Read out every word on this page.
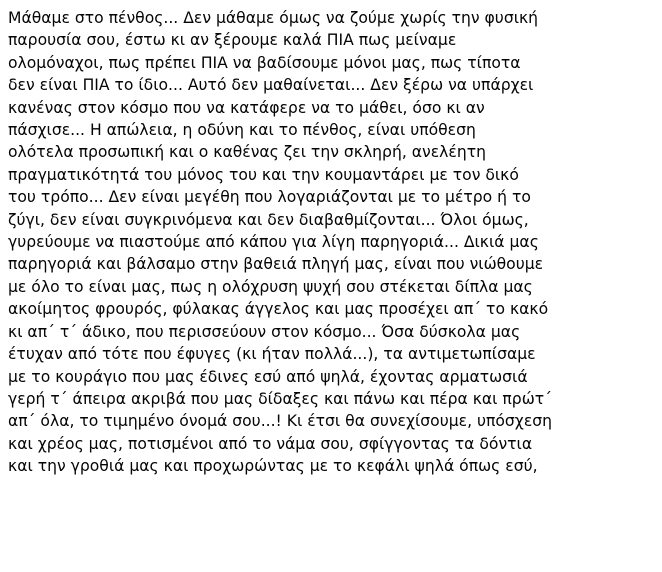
Μάθαμε στο πένθος... Δεν μάθαμε όμως να ζούμε χωρίς την φυσική
παρουσία σου, έστω κι αν ξέρουμε καλά ΠΙΑ πως μείναμε
ολομόναχοι, πως πρέπει ΠΙΑ να βαδίσουμε μόνοι μας, πως τίποτα
δεν είναι ΠΙΑ το ίδιο... Αυτό δεν μαθαίνεται... Δεν ξέρω να υπάρχει
κανένας στον κόσμο που να κατάφερε να το μάθει, όσο κι αν
πάσχισε... Η απώλεια, η οδύνη και το πένθος, είναι υπόθεση
ολότελα προσωπική και ο καθένας ζει την σκληρή, ανελέητη
πραγματικότητά του μόνος του και την κουμαντάρει με τον δικό
του τρόπο... Δεν είναι μεγέθη που λογαριάζονται με το μέτρο ή το
ζύγι, δεν είναι συγκρινόμενα και δεν διαβαθμίζονται... Όλοι όμως,
γυρεύουμε να πιαστούμε από κάπου για λίγη παρηγοριά... Δικιά μας
παρηγοριά και βάλσαμο στην βαθειά πληγή μας, είναι που νιώθουμε
με όλο το είναι μας, πως η ολόχρυση ψυχή σου στέκεται δίπλα μας
ακοίμητος φρουρός, φύλακας άγγελος και μας προσέχει απ΄ το κακό
κι απ΄ τ΄ άδικο, που περισσεύουν στον κόσμο... Όσα δύσκολα μας
έτυχαν από τότε που έφυγες (κι ήταν πολλά...), τα αντιμετωπίσαμε
με το κουράγιο που μας έδινες εσύ από ψηλά, έχοντας αρματωσιά
γερή τ΄ άπειρα ακριβά που μας δίδαξες και πάνω και πέρα και πρώτ΄
απ΄ όλα, το τιμημένο όνομά σου...! Κι έτσι θα συνεχίσουμε, υπόσχεση
και χρέος μας, ποτισμένοι από το νάμα σου, σφίγγοντας τα δόντια
και την γροθιά μας και προχωρώντας με το κεφάλι ψηλά όπως εσύ,
